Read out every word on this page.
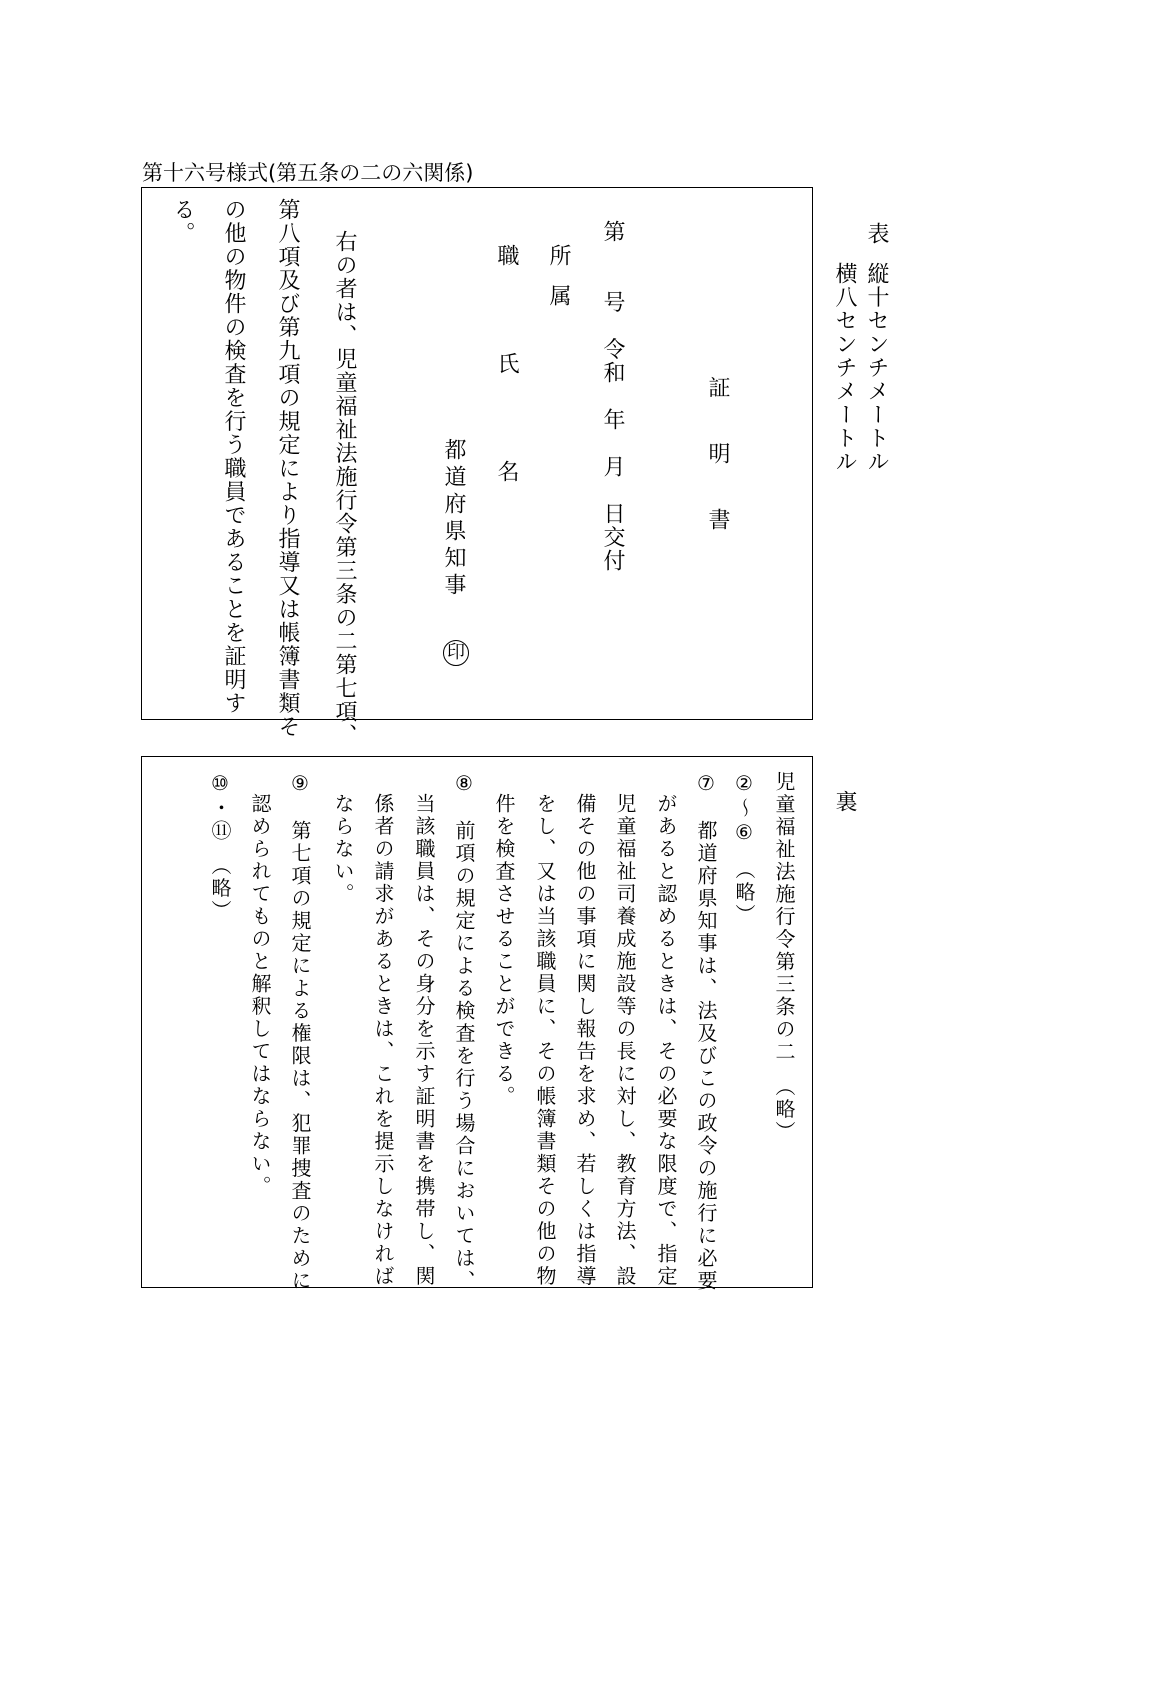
第十六号様式(第五条の二の六関係)
表
縦十センチメートル
横八センチメートル
裏
証明書
第　　号　令和　年　月　日交付
所属
職氏名
都道府県知事
印
右の者は、児童福祉法施行令第三条の二第七項、
第八項及び第九項の規定により指導又は帳簿書類そ
の他の物件の検査を行う職員であることを証明す
る。
児童福祉法施行令第三条の二　（略）
②～⑥　（略）
⑦　都道府県知事は、法及びこの政令の施行に必要
があると認めるときは、その必要な限度で、指定
児童福祉司養成施設等の長に対し、教育方法、設
備その他の事項に関し報告を求め、若しくは指導
をし、又は当該職員に、その帳簿書類その他の物
件を検査させることができる。
⑧　前項の規定による検査を行う場合においては、
当該職員は、その身分を示す証明書を携帯し、関
係者の請求があるときは、これを提示しなければ
ならない。
⑨　第七項の規定による権限は、犯罪捜査のために
認められてものと解釈してはならない。
⑩・⑪　（略）
